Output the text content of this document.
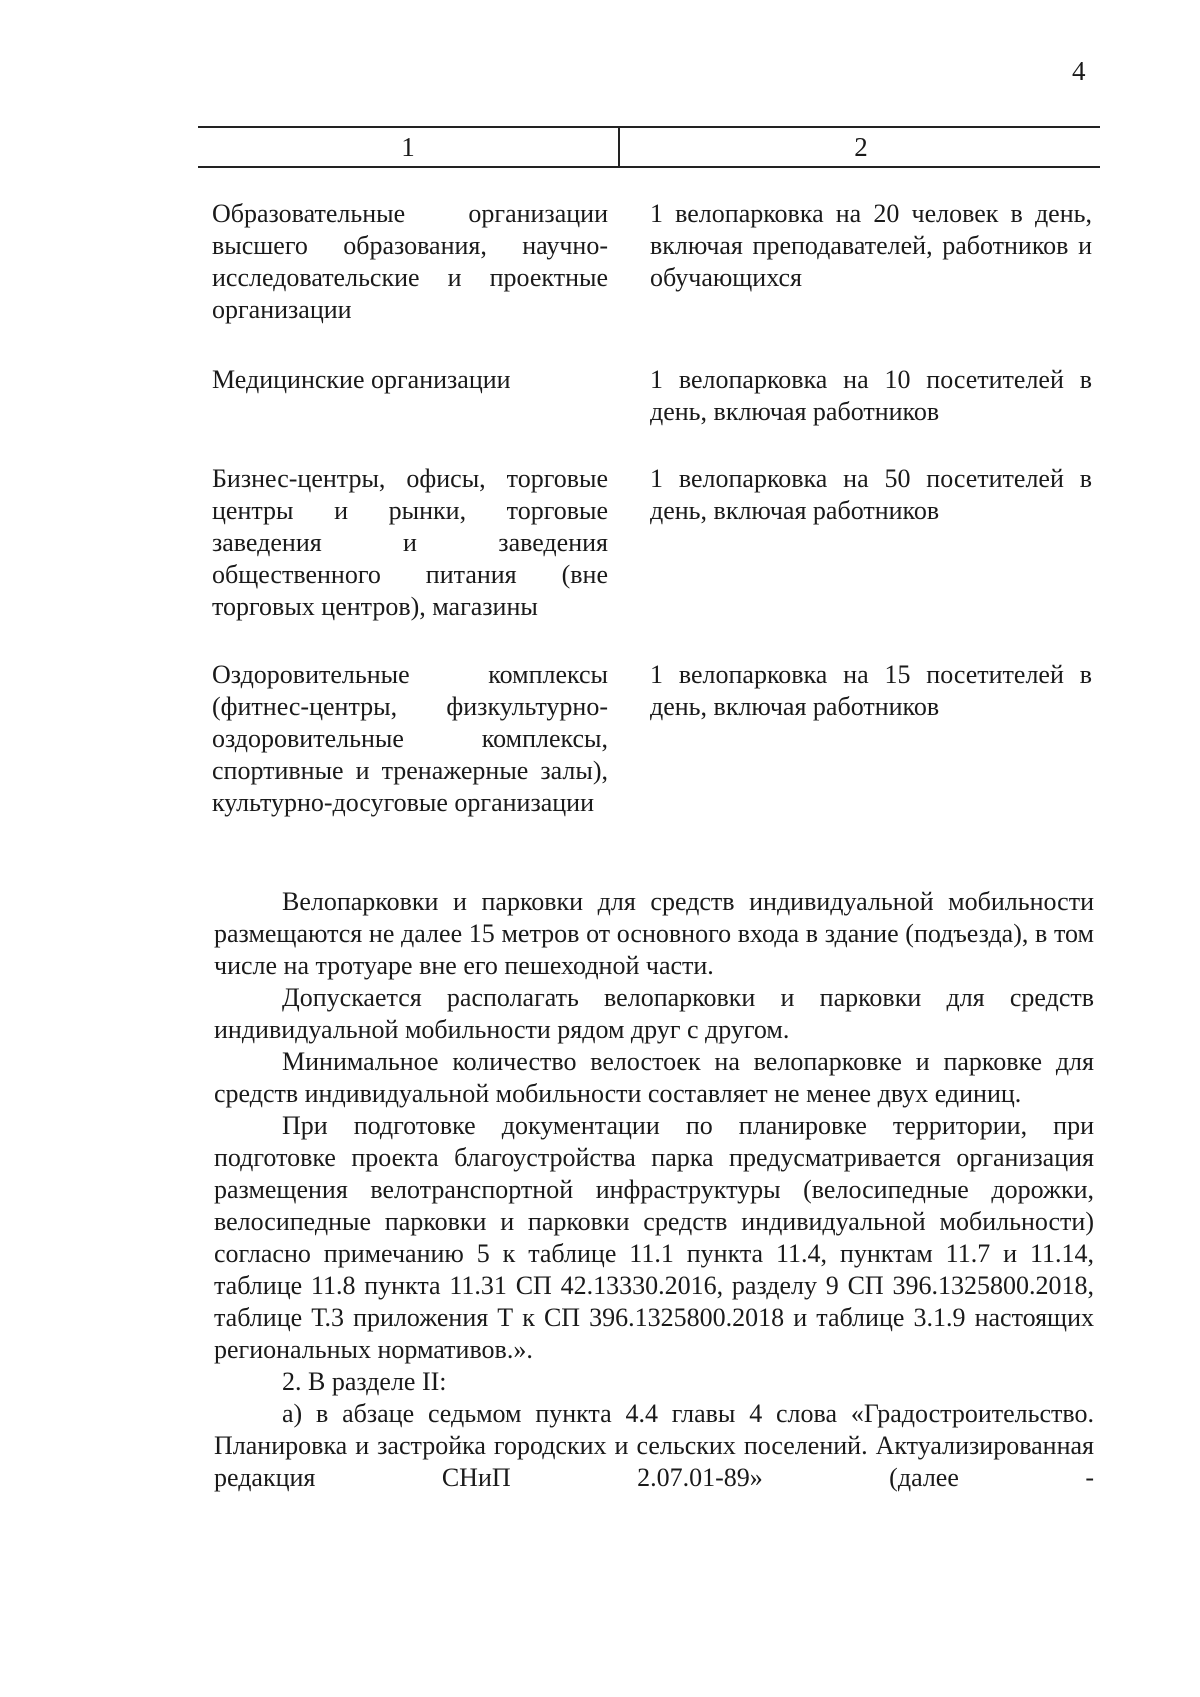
4
1	2
Образовательные организации высшего образования, научно-исследовательские и проектные организации
1 велопарковка на 20 человек в день, включая преподавателей, работников и обучающихся
Медицинские организации	1 велопарковка на 10 посетителей в день, включая работников
Бизнес-центры, офисы, торговые центры и рынки, торговые заведения и заведения общественного питания (вне торговых центров), магазины
1 велопарковка на 50 посетителей в день, включая работников
Оздоровительные комплексы (фитнес-центры, физкультурно-оздоровительные комплексы, спортивные и тренажерные залы), культурно-досуговые организации
1 велопарковка на 15 посетителей в день, включая работников

Велопарковки и парковки для средств индивидуальной мобильности размещаются не далее 15 метров от основного входа в здание (подъезда), в том числе на тротуаре вне его пешеходной части.

Допускается располагать велопарковки и парковки для средств индивидуальной мобильности рядом друг с другом.

Минимальное количество велостоек на велопарковке и парковке для средств индивидуальной мобильности составляет не менее двух единиц.

При подготовке документации по планировке территории, при подготовке проекта благоустройства парка предусматривается организация размещения велотранспортной инфраструктуры (велосипедные дорожки, велосипедные парковки и парковки средств индивидуальной мобильности) согласно примечанию 5 к таблице 11.1 пункта 11.4, пунктам 11.7 и 11.14, таблице 11.8 пункта 11.31 СП 42.13330.2016, разделу 9 СП 396.1325800.2018, таблице Т.3 приложения Т к СП 396.1325800.2018 и таблице 3.1.9 настоящих региональных нормативов.».

2. В разделе II:

а) в абзаце седьмом пункта 4.4 главы 4 слова «Градостроительство. Планировка и застройка городских и сельских поселений. Актуализированная редакция СНиП 2.07.01-89» (далее -
